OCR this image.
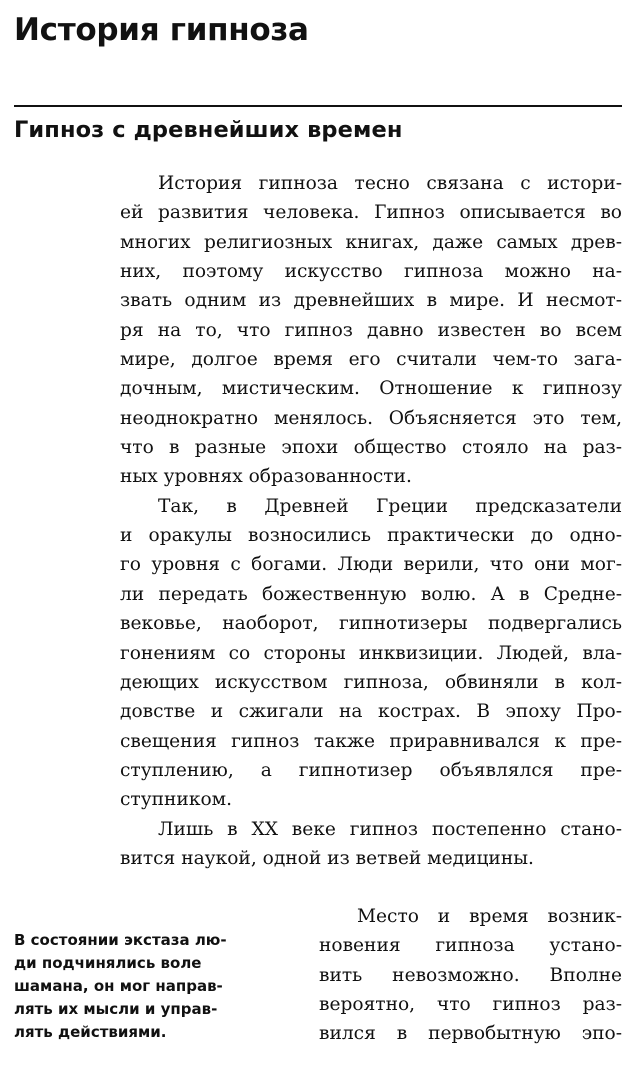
История гипноза
Гипноз с древнейших времен
История гипноза тесно связана с истори-
ей развития человека. Гипноз описывается во
многих религиозных книгах, даже самых древ-
них, поэтому искусство гипноза можно на-
звать одним из древнейших в мире. И несмот-
ря на то, что гипноз давно известен во всем
мире, долгое время его считали чем-то зага-
дочным, мистическим. Отношение к гипнозу
неоднократно менялось. Объясняется это тем,
что в разные эпохи общество стояло на раз-
ных уровнях образованности.
Так, в Древней Греции предсказатели
и оракулы возносились практически до одно-
го уровня с богами. Люди верили, что они мог-
ли передать божественную волю. А в Средне-
вековье, наоборот, гипнотизеры подвергались
гонениям со стороны инквизиции. Людей, вла-
деющих искусством гипноза, обвиняли в кол-
довстве и сжигали на кострах. В эпоху Про-
свещения гипноз также приравнивался к пре-
ступлению, а гипнотизер объявлялся пре-
ступником.
Лишь в XX веке гипноз постепенно стано-
вится наукой, одной из ветвей медицины.
Место и время возник-
новения гипноза устано-
вить невозможно. Вполне
вероятно, что гипноз раз-
вился в первобытную эпо-
В состоянии экстаза лю-
ди подчинялись воле
шамана, он мог направ-
лять их мысли и управ-
лять действиями.
